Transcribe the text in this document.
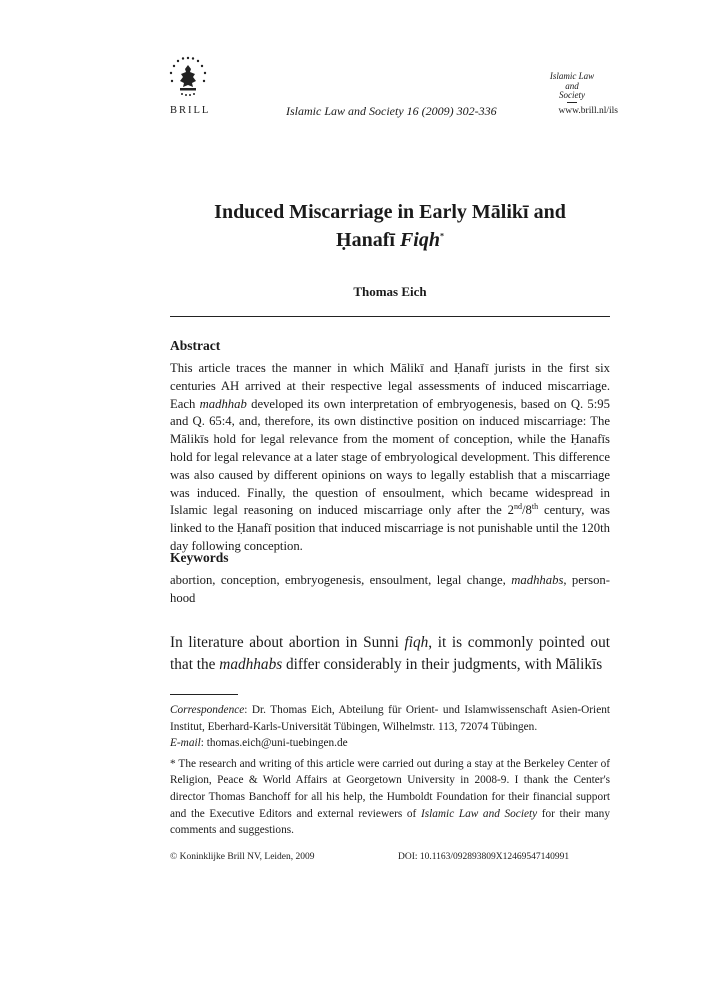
BRILL	Islamic Law and Society 16 (2009) 302-336
Islamic Law
and
Society
www.brill.nl/ils
Induced Miscarriage in Early Mālikī and
Ḥanafī Fiqh*
Thomas Eich
Abstract
This article traces the manner in which Mālikī and Ḥanafī jurists in the first six centuries AH arrived at their respective legal assessments of induced miscarriage. Each madhhab developed its own interpretation of embryogenesis, based on Q. 5:95 and Q. 65:4, and, therefore, its own distinctive position on induced miscarriage: The Mālikīs hold for legal relevance from the moment of conception, while the Ḥanafīs hold for legal relevance at a later stage of embryological development. This difference was also caused by different opinions on ways to legally establish that a miscarriage was induced. Finally, the question of ensoulment, which became widespread in Islamic legal reasoning on induced miscarriage only after the 2nd/8th century, was linked to the Ḥanafī position that induced miscarriage is not punishable until the 120th day following conception.
Keywords
abortion, conception, embryogenesis, ensoulment, legal change, madhhabs, person-hood
In literature about abortion in Sunni fiqh, it is commonly pointed out that the madhhabs differ considerably in their judgments, with Mālikīs

Correspondence: Dr. Thomas Eich, Abteilung für Orient- und Islamwissenschaft Asien-Orient Institut, Eberhard-Karls-Universität Tübingen, Wilhelmstr. 113, 72074 Tübingen.
E-mail: thomas.eich@uni-tuebingen.de

* The research and writing of this article were carried out during a stay at the Berkeley Center of Religion, Peace & World Affairs at Georgetown University in 2008-9. I thank the Center's director Thomas Banchoff for all his help, the Humboldt Foundation for their financial support and the Executive Editors and external reviewers of Islamic Law and Society for their many comments and suggestions.

© Koninklijke Brill NV, Leiden, 2009	DOI: 10.1163/092893809X12469547140991
